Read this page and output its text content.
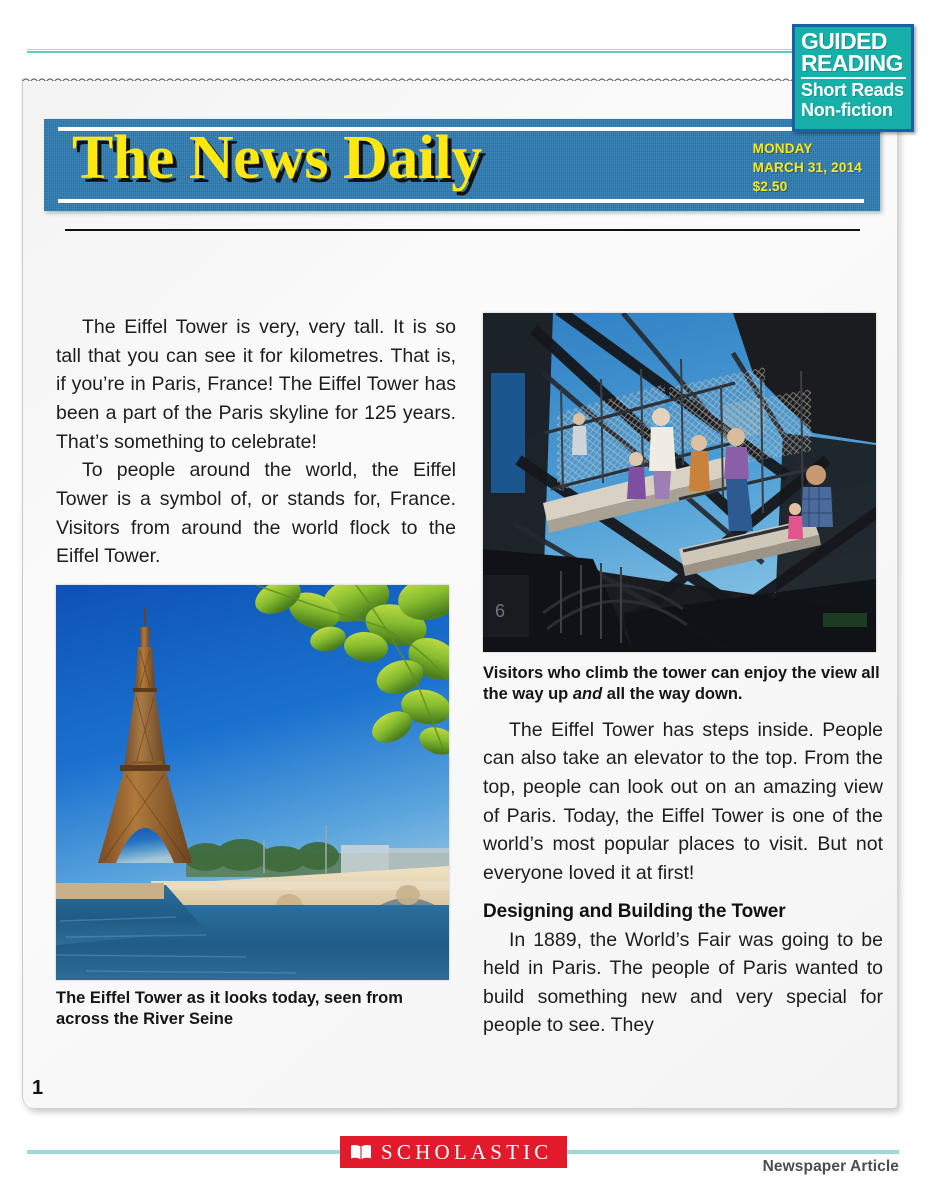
The Eiffel Tower is very, very tall. It is so tall that you can see it for kilometres. That is, if you’re in Paris, France! The Eiffel Tower has been a part of the Paris skyline for 125 years. That’s something to celebrate!

To people around the world, the Eiffel Tower is a symbol of, or stands for, France. Visitors from around the world flock to the Eiffel Tower.

The Eiffel Tower as it looks today, seen from across the River Seine
6
Visitors who climb the tower can enjoy the view all the way up and all the way down.

The Eiffel Tower has steps inside. People can also take an elevator to the top. From the top, people can look out on an amazing view of Paris. Today, the Eiffel Tower is one of the world’s most popular places to visit. But not everyone loved it at first!

Designing and Building the Tower

In 1889, the World’s Fair was going to be held in Paris. The people of Paris wanted to build something new and very special for people to see. They

The News Daily	MONDAY
MARCH 31, 2014
$2.50
GUIDED
READING
Short Reads
Non-fiction
1
SCHOLASTIC
Newspaper Article
